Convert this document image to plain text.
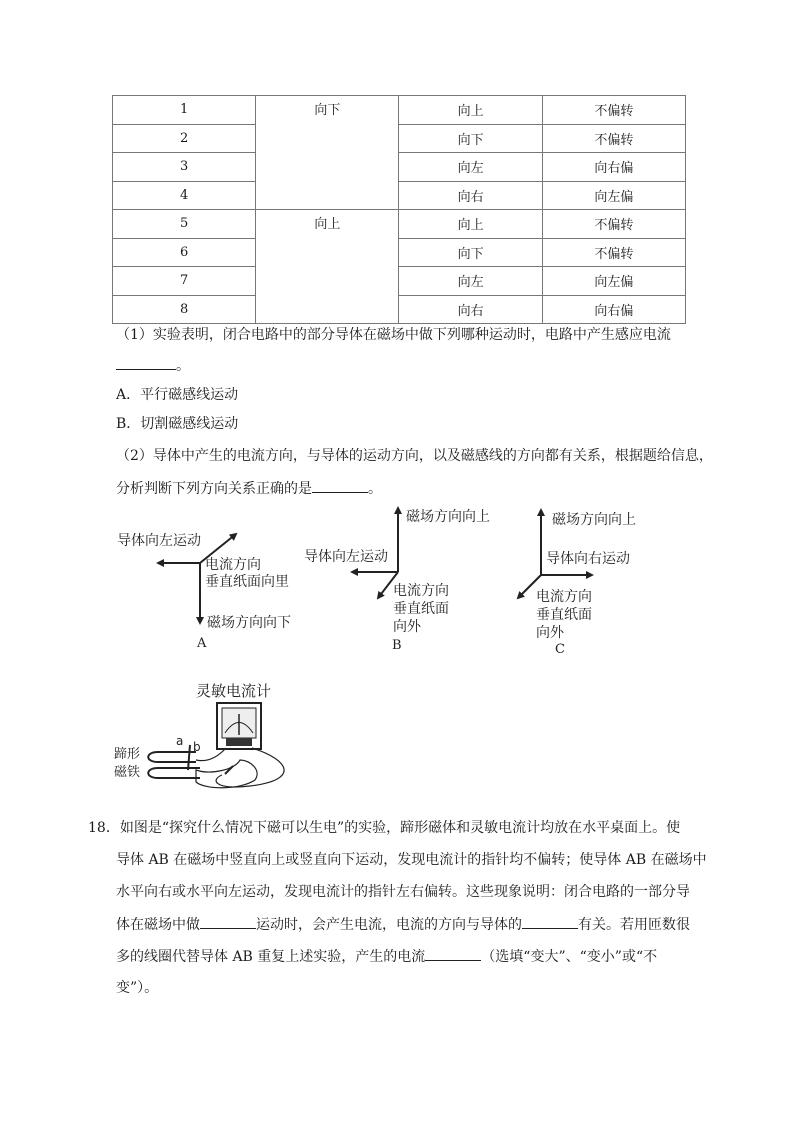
1	向下	向上	不偏转
2		向下	不偏转
3		向左	向右偏
4		向右	向左偏
5	向上	向上	不偏转
6		向下	不偏转
7		向左	向左偏
8		向右	向右偏
（1）实验表明，闭合电路中的部分导体在磁场中做下列哪种运动时，电路中产生感应电流
。
A．平行磁感线运动
B．切割磁感线运动
（2）导体中产生的电流方向，与导体的运动方向，以及磁感线的方向都有关系，根据题给信息，
分析判断下列方向关系正确的是	。
导体向左运动
电流方向
垂直纸面向里
磁场方向向下
A
磁场方向向上
导体向左运动
电流方向
垂直纸面
向外
B
磁场方向向上
导体向右运动
电流方向
垂直纸面
向外
C
灵敏电流计
蹄形
磁铁
a b
18．如图是“探究什么情况下磁可以生电”的实验，蹄形磁体和灵敏电流计均放在水平桌面上。使
导体 AB 在磁场中竖直向上或竖直向下运动，发现电流计的指针均不偏转；使导体 AB 在磁场中
水平向右或水平向左运动，发现电流计的指针左右偏转。这些现象说明：闭合电路的一部分导
体在磁场中做	运动时，会产生电流，电流的方向与导体的	有关。若用匝数很
多的线圈代替导体 AB 重复上述实验，产生的电流	（选填“变大”、“变小”或“不
变”）。
